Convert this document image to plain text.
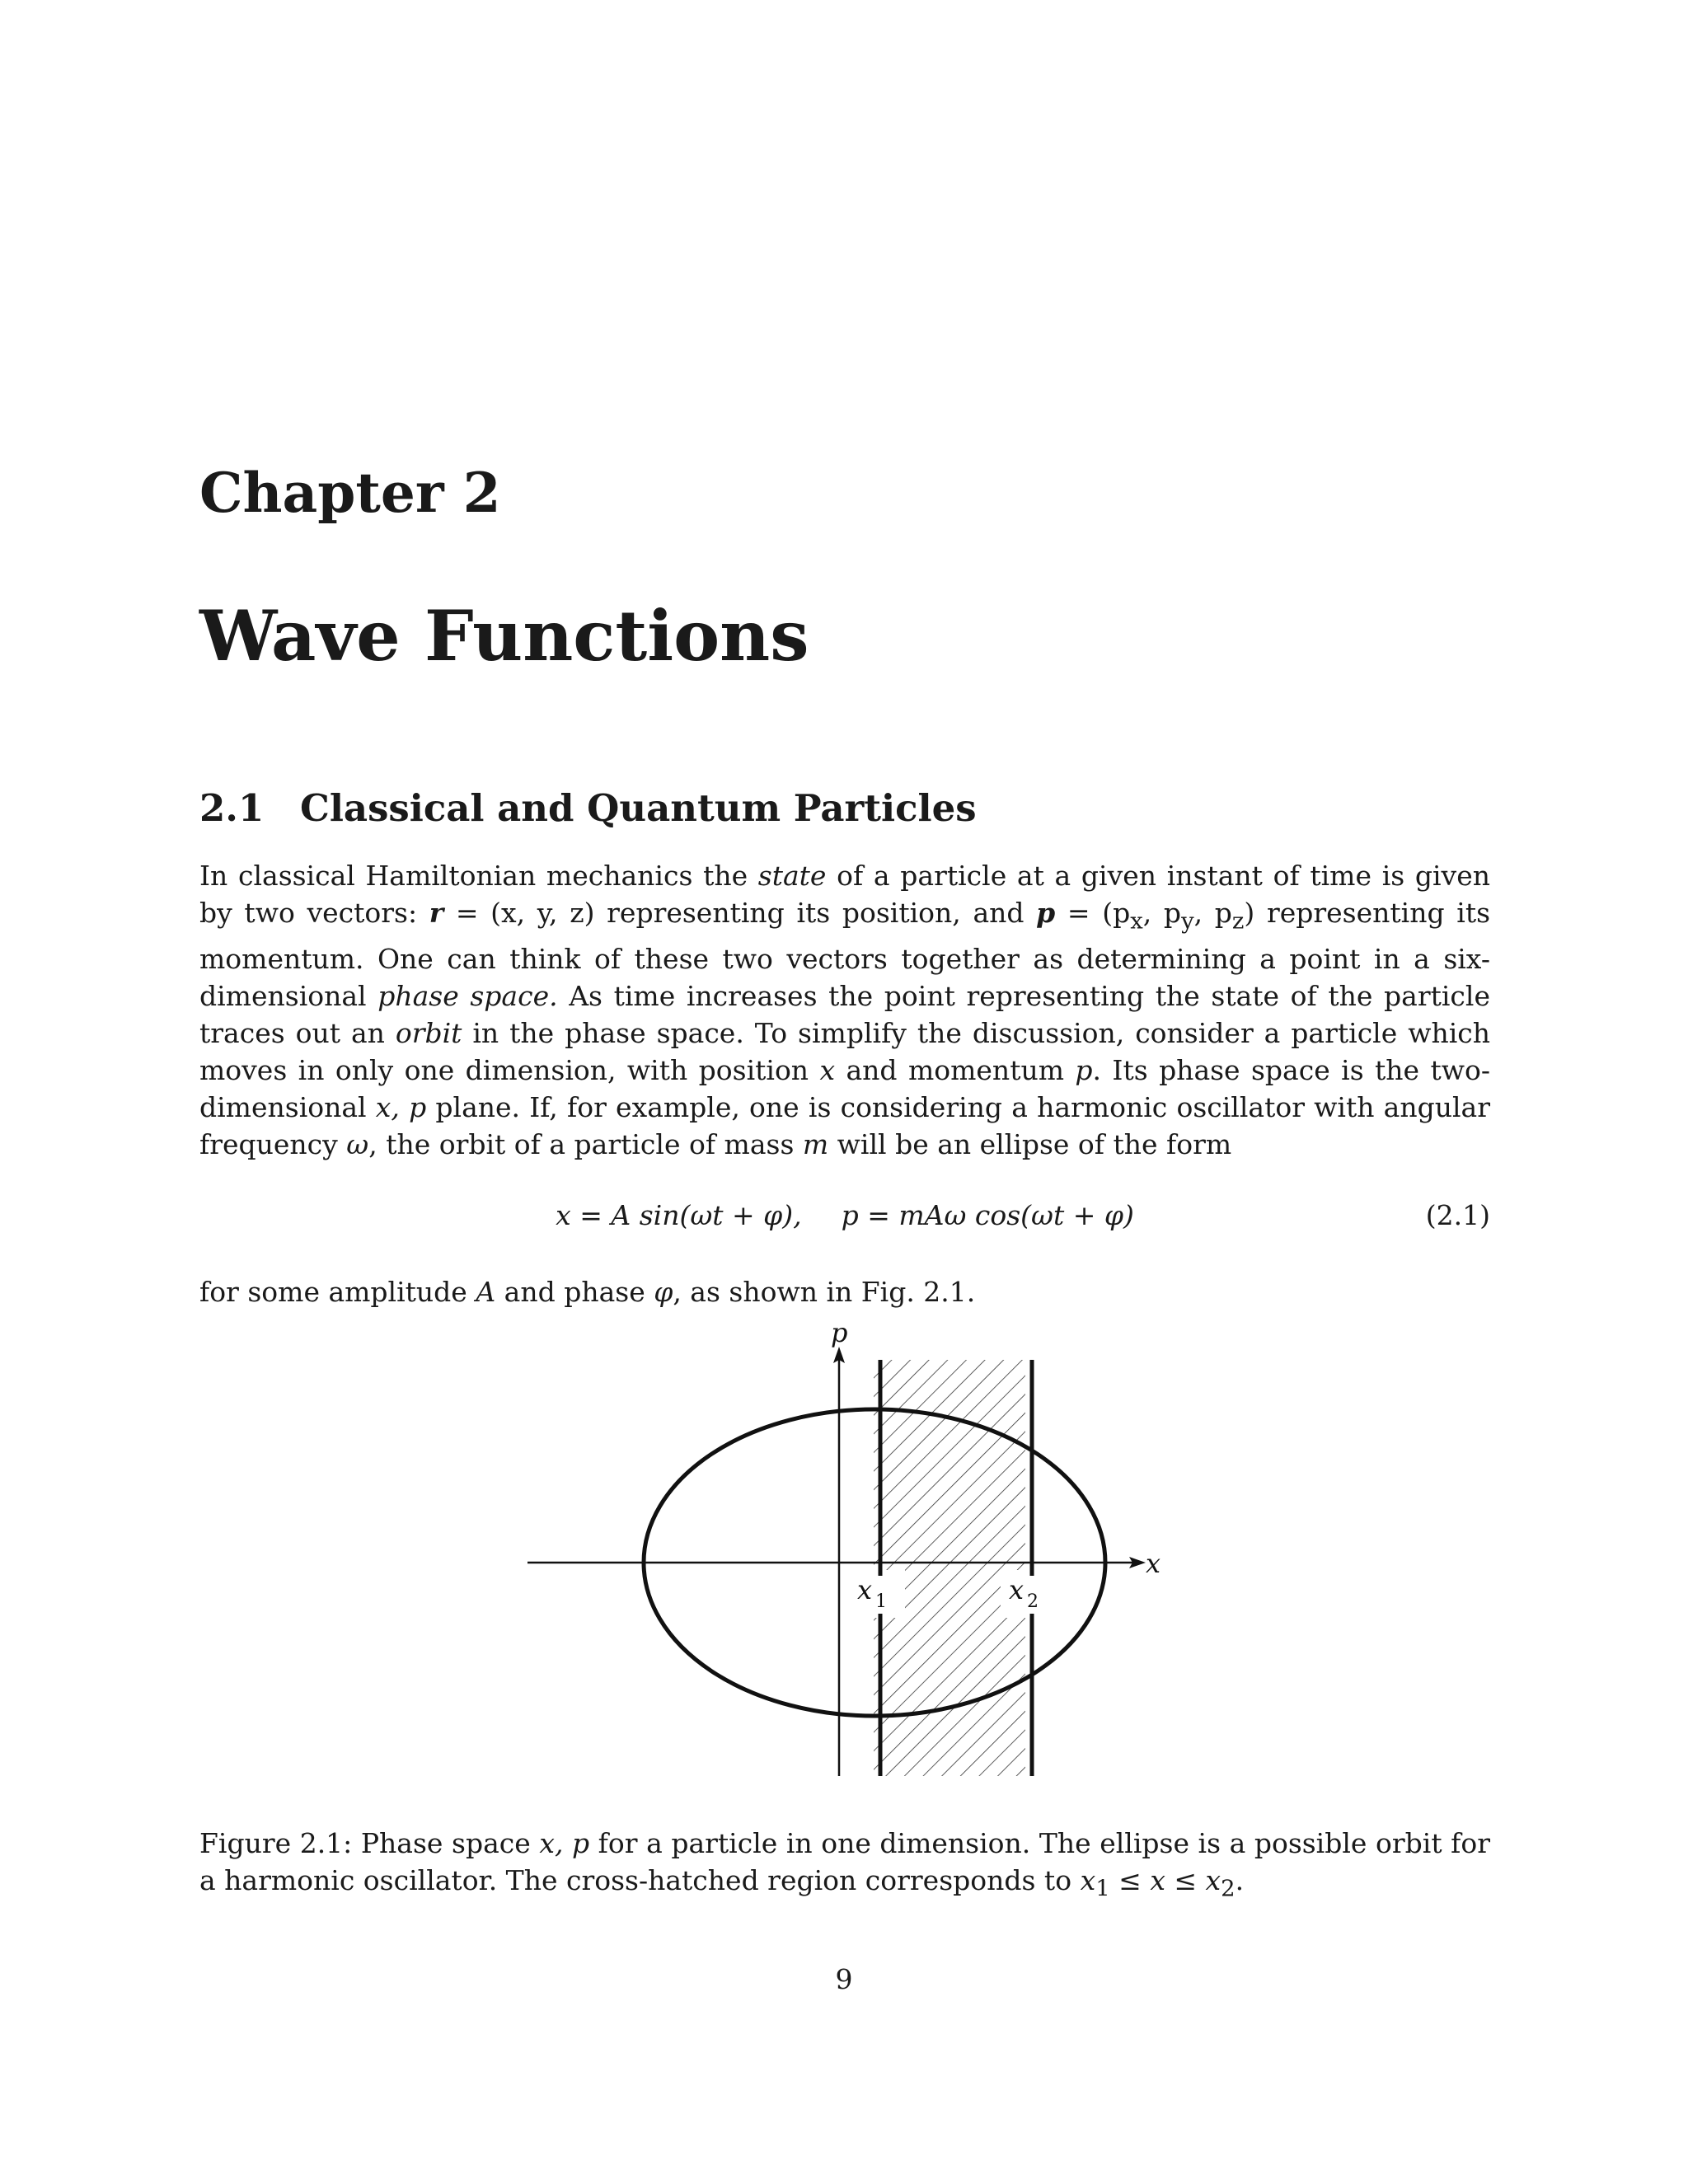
Chapter 2
Wave Functions
2.1 Classical and Quantum Particles

In classical Hamiltonian mechanics the state of a particle at a given instant of time is given by two vectors: r = (x, y, z) representing its position, and $p = (p_x$, $p_y$, $p_z$) representing its momentum. One can think of these two vectors together as determining a point in a six-dimensional phase space. As time increases the point representing the state of the particle traces out an orbit in the phase space. To simplify the discussion, consider a particle which moves in only one dimension, with position x and momentum p. Its phase space is the two-dimensional x, p plane. If, for example, one is considering a harmonic oscillator with angular frequency ω, the orbit of a particle of mass m will be an ellipse of the form

x = A sin(ωt + φ), p = mAω cos(ωt + φ)	(2.1)

for some amplitude A and phase φ, as shown in Fig. 2.1.

p
x
x 1	x 2

Figure 2.1: Phase space x, p for a particle in one dimension. The ellipse is a possible orbit for a harmonic oscillator. The cross-hatched region corresponds to $x_1 \le x \le x_2$.

9
